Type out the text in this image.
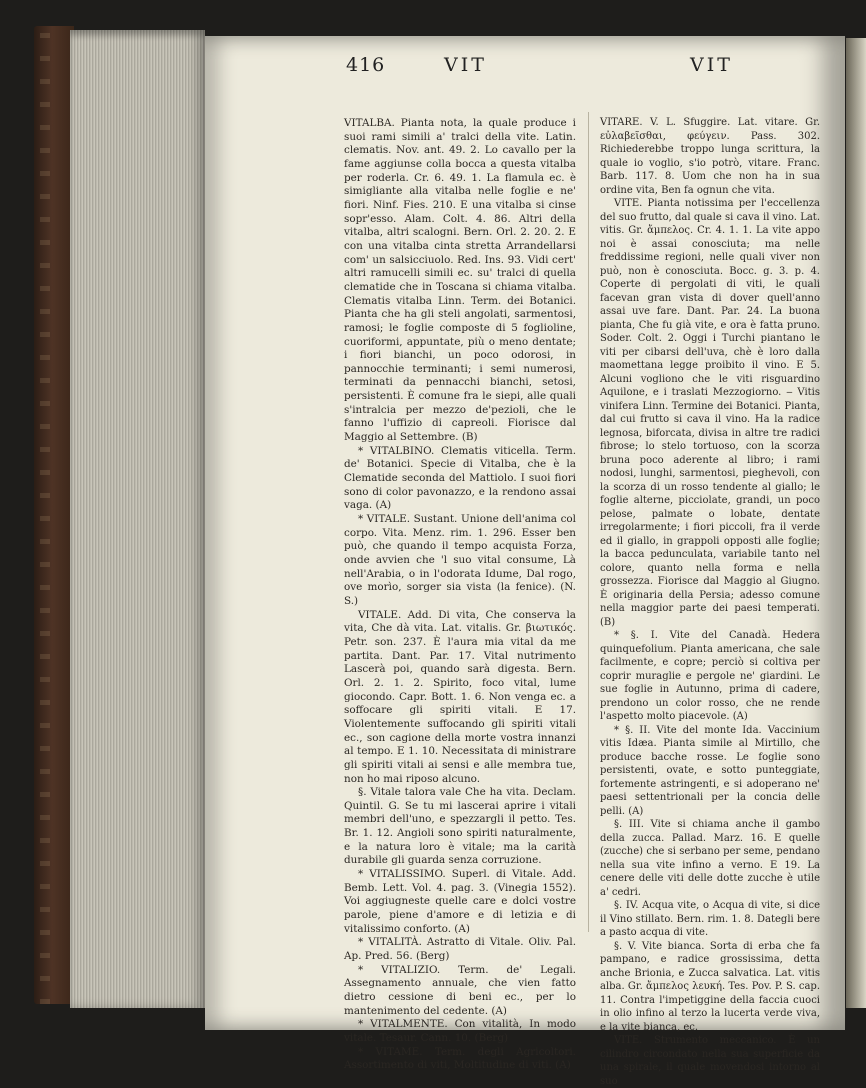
416	VIT	VIT

VITALBA. Pianta nota, la quale produce i suoi rami simili a' tralci della vite. Latin. clematis. Nov. ant. 49. 2. Lo cavallo per la fame aggiunse colla bocca a questa vitalba per roderla. Cr. 6. 49. 1. La flamula ec. è simigliante alla vitalba nelle foglie e ne' fiori. Ninf. Fies. 210. E una vitalba si cinse sopr'esso. Alam. Colt. 4. 86. Altri della vitalba, altri scalogni. Bern. Orl. 2. 20. 2. E con una vitalba cinta stretta Arrandellarsi com' un salsicciuolo. Red. Ins. 93. Vidi cert' altri ramucelli simili ec. su' tralci di quella clematide che in Toscana si chiama vitalba. Clematis vitalba Linn. Term. dei Botanici. Pianta che ha gli steli angolati, sarmentosi, ramosi; le foglie composte di 5 foglioline, cuoriformi, appuntate, più o meno dentate; i fiori bianchi, un poco odorosi, in pannocchie terminanti; i semi numerosi, terminati da pennacchi bianchi, setosi, persistenti. È comune fra le siepi, alle quali s'intralcia per mezzo de'pezioli, che le fanno l'uffizio di capreoli. Fiorisce dal Maggio al Settembre. (B)

* VITALBINO. Clematis viticella. Term. de' Botanici. Specie di Vitalba, che è la Clematide seconda del Mattiolo. I suoi fiori sono di color pavonazzo, e la rendono assai vaga. (A)

* VITALE. Sustant. Unione dell'anima col corpo. Vita. Menz. rim. 1. 296. Esser ben può, che quando il tempo acquista Forza, onde avvien che 'l suo vital consume, Là nell'Arabia, o in l'odorata Idume, Dal rogo, ove morìo, sorger sia vista (la fenice). (N. S.)

VITALE. Add. Di vita, Che conserva la vita, Che dà vita. Lat. vitalis. Gr. βιωτικός. Petr. son. 237. È l'aura mia vital da me partita. Dant. Par. 17. Vital nutrimento Lascerà poi, quando sarà digesta. Bern. Orl. 2. 1. 2. Spirito, foco vital, lume giocondo. Capr. Bott. 1. 6. Non venga ec. a soffocare gli spiriti vitali. E 17. Violentemente suffocando gli spiriti vitali ec., son cagione della morte vostra innanzi al tempo. E 1. 10. Necessitata di ministrare gli spiriti vitali ai sensi e alle membra tue, non ho mai riposo alcuno.

§. Vitale talora vale Che ha vita. Declam. Quintil. G. Se tu mi lascerai aprire i vitali membri dell'uno, e spezzargli il petto. Tes. Br. 1. 12. Angioli sono spiriti naturalmente, e la natura loro è vitale; ma la carità durabile gli guarda senza corruzione.

* VITALISSIMO. Superl. di Vitale. Add. Bemb. Lett. Vol. 4. pag. 3. (Vinegia 1552). Voi aggiugneste quelle care e dolci vostre parole, piene d'amore e di letizia e di vitalissimo conforto. (A)

* VITALITÀ. Astratto di Vitale. Oliv. Pal. Ap. Pred. 56. (Berg)

* VITALIZIO. Term. de' Legali. Assegnamento annuale, che vien fatto dietro cessione di beni ec., per lo mantenimento del cedente. (A)

* VITALMENTE. Con vitalità, In modo vitale. Tesaur. Cann. 10. (Berg)

* VITAME. Term. degli Agricoltori. Assortimento di viti, Moltitudine di viti. (A)

VITARE. V. L. Sfuggire. Lat. vitare. Gr. εὐλαβεῖσθαι, φεύγειν. Pass. 302. Richiederebbe troppo lunga scrittura, la quale io voglio, s'io potrò, vitare. Franc. Barb. 117. 8. Uom che non ha in sua ordine vita, Ben fa ognun che vita.

VITE. Pianta notissima per l'eccellenza del suo frutto, dal quale si cava il vino. Lat. vitis. Gr. ἄμπελος. Cr. 4. 1. 1. La vite appo noi è assai conosciuta; ma nelle freddissime regioni, nelle quali viver non può, non è conosciuta. Bocc. g. 3. p. 4. Coperte di pergolati di viti, le quali facevan gran vista di dover quell'anno assai uve fare. Dant. Par. 24. La buona pianta, Che fu già vite, e ora è fatta pruno. Soder. Colt. 2. Oggi i Turchi piantano le viti per cibarsi dell'uva, chè è loro dalla maomettana legge proibito il vino. E 5. Alcuni vogliono che le viti risguardino Aquilone, e i traslati Mezzogiorno. ‒ Vitis vinifera Linn. Termine dei Botanici. Pianta, dal cui frutto si cava il vino. Ha la radice legnosa, biforcata, divisa in altre tre radici fibrose; lo stelo tortuoso, con la scorza bruna poco aderente al libro; i rami nodosi, lunghi, sarmentosi, pieghevoli, con la scorza di un rosso tendente al giallo; le foglie alterne, picciolate, grandi, un poco pelose, palmate o lobate, dentate irregolarmente; i fiori piccoli, fra il verde ed il giallo, in grappoli opposti alle foglie; la bacca pedunculata, variabile tanto nel colore, quanto nella forma e nella grossezza. Fiorisce dal Maggio al Giugno. È originaria della Persia; adesso comune nella maggior parte dei paesi temperati. (B)

* §. I. Vite del Canadà. Hedera quinquefolium. Pianta americana, che sale facilmente, e copre; perciò si coltiva per coprir muraglie e pergole ne' giardini. Le sue foglie in Autunno, prima di cadere, prendono un color rosso, che ne rende l'aspetto molto piacevole. (A)

* §. II. Vite del monte Ida. Vaccinium vitis Idæa. Pianta simile al Mirtillo, che produce bacche rosse. Le foglie sono persistenti, ovate, e sotto punteggiate, fortemente astringenti, e si adoperano ne' paesi settentrionali per la concia delle pelli. (A)

§. III. Vite si chiama anche il gambo della zucca. Pallad. Marz. 16. E quelle (zucche) che si serbano per seme, pendano nella sua vite infino a verno. E 19. La cenere delle viti delle dotte zucche è utile a' cedri.

§. IV. Acqua vite, o Acqua di vite, si dice il Vino stillato. Bern. rim. 1. 8. Dategli bere a pasto acqua di vite.

§. V. Vite bianca. Sorta di erba che fa pampano, e radice grossissima, detta anche Brionia, e Zucca salvatica. Lat. vitis alba. Gr. ἄμπελος λευκή. Tes. Pov. P. S. cap. 11. Contra l'impetiggine della faccia cuoci in olio infino al terzo la lucerta verde viva, e la vite bianca, ec.

VITE. Strumento meccanico. È un cilindro circondato nella sua superficie da una spirale, il quale movendosi intorno al suo
